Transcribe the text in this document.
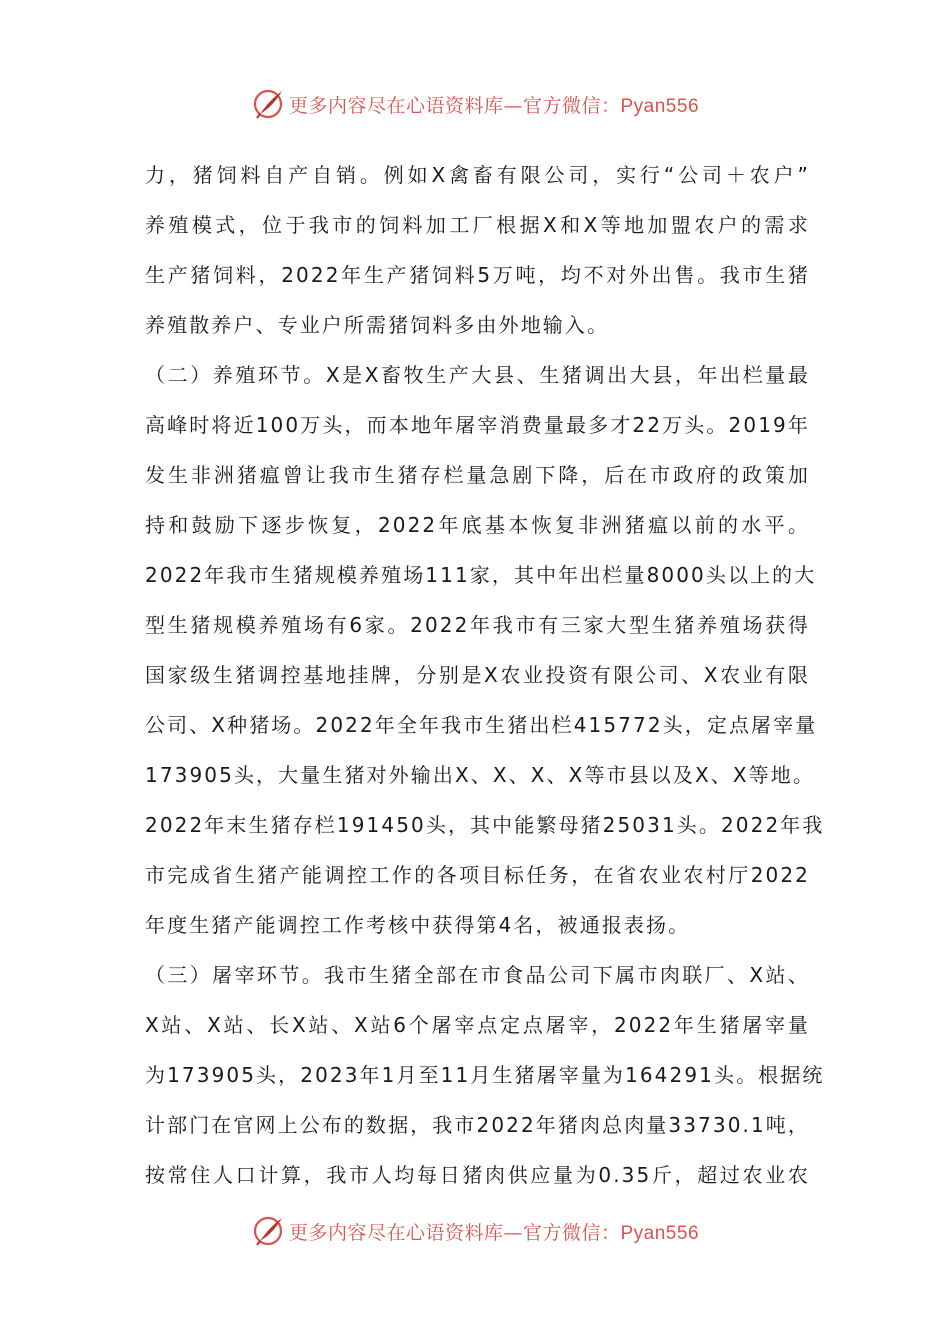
更多内容尽在心语资料库—官方微信：Pyan556
力，猪饲料自产自销。例如X禽畜有限公司，实行“公司＋农户”
养殖模式，位于我市的饲料加工厂根据X和X等地加盟农户的需求
生产猪饲料，2022年生产猪饲料5万吨，均不对外出售。我市生猪
养殖散养户、专业户所需猪饲料多由外地输入。
（二）养殖环节。X是X畜牧生产大县、生猪调出大县，年出栏量最
高峰时将近100万头，而本地年屠宰消费量最多才22万头。2019年
发生非洲猪瘟曾让我市生猪存栏量急剧下降，后在市政府的政策加
持和鼓励下逐步恢复，2022年底基本恢复非洲猪瘟以前的水平。
2022年我市生猪规模养殖场111家，其中年出栏量8000头以上的大
型生猪规模养殖场有6家。2022年我市有三家大型生猪养殖场获得
国家级生猪调控基地挂牌，分别是X农业投资有限公司、X农业有限
公司、X种猪场。2022年全年我市生猪出栏415772头，定点屠宰量
173905头，大量生猪对外输出X、X、X、X等市县以及X、X等地。
2022年末生猪存栏191450头，其中能繁母猪25031头。2022年我
市完成省生猪产能调控工作的各项目标任务，在省农业农村厅2022
年度生猪产能调控工作考核中获得第4名，被通报表扬。
（三）屠宰环节。我市生猪全部在市食品公司下属市肉联厂、X站、
X站、X站、长X站、X站6个屠宰点定点屠宰，2022年生猪屠宰量
为173905头，2023年1月至11月生猪屠宰量为164291头。根据统
计部门在官网上公布的数据，我市2022年猪肉总肉量33730.1吨，
按常住人口计算，我市人均每日猪肉供应量为0.35斤，超过农业农
更多内容尽在心语资料库—官方微信：Pyan556
